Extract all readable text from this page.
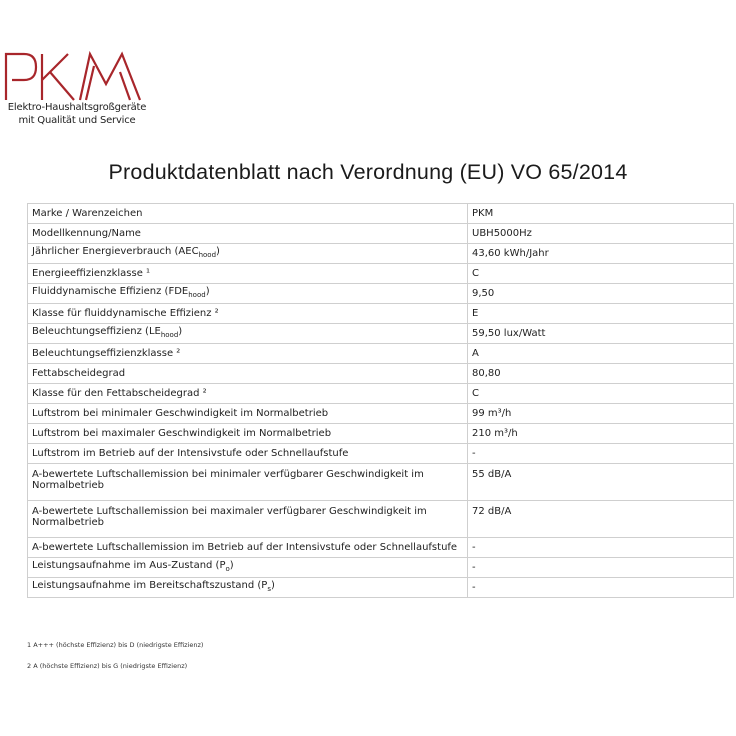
Elektro-Haushaltsgroßgeräte
mit Qualität und Service
Produktdatenblatt nach Verordnung (EU) VO 65/2014
Marke / Warenzeichen	PKM
Modellkennung/Name	UBH5000Hz
Jährlicher Energieverbrauch $(AEC_{hood})$	43,60 kWh/Jahr
Energieeffizienzklasse ¹	C
Fluiddynamische Effizienz $(FDE_{hood})$	9,50
Klasse für fluiddynamische Effizienz ²	E
Beleuchtungseffizienz $(LE_{hood})$	59,50 lux/Watt
Beleuchtungseffizienzklasse ²	A
Fettabscheidegrad	80,80
Klasse für den Fettabscheidegrad ²	C
Luftstrom bei minimaler Geschwindigkeit im Normalbetrieb	99 m³/h
Luftstrom bei maximaler Geschwindigkeit im Normalbetrieb	210 m³/h
Luftstrom im Betrieb auf der Intensivstufe oder Schnellaufstufe	-
A-bewertete Luftschallemission bei minimaler verfügbarer Geschwindigkeit im Normalbetrieb	55 dB/A
A-bewertete Luftschallemission bei maximaler verfügbarer Geschwindigkeit im Normalbetrieb	72 dB/A
A-bewertete Luftschallemission im Betrieb auf der Intensivstufe oder Schnellaufstufe	-
Leistungsaufnahme im Aus-Zustand $(P_o)$	-
Leistungsaufnahme im Bereitschaftszustand $(P_s)$	-
1 A+++ (höchste Effizienz) bis D (niedrigste Effizienz)
2 A (höchste Effizienz) bis G (niedrigste Effizienz)
